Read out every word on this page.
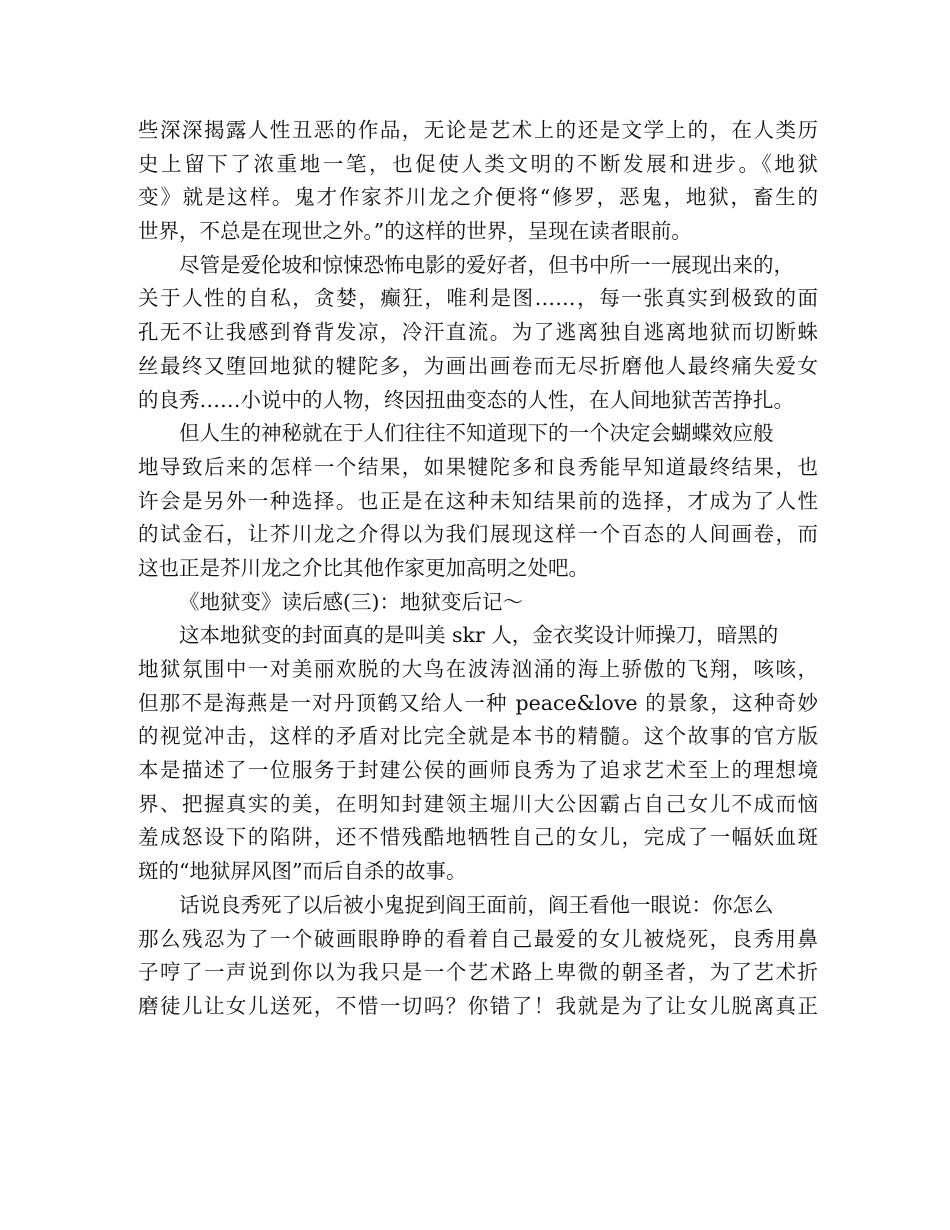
些深深揭露人性丑恶的作品，无论是艺术上的还是文学上的，在人类历
史上留下了浓重地一笔，也促使人类文明的不断发展和进步。《地狱
变》就是这样。鬼才作家芥川龙之介便将“修罗，恶鬼，地狱，畜生的
世界，不总是在现世之外。”的这样的世界，呈现在读者眼前。
尽管是爱伦坡和惊悚恐怖电影的爱好者，但书中所一一展现出来的，
关于人性的自私，贪婪，癫狂，唯利是图……，每一张真实到极致的面
孔无不让我感到脊背发凉，冷汗直流。为了逃离独自逃离地狱而切断蛛
丝最终又堕回地狱的犍陀多，为画出画卷而无尽折磨他人最终痛失爱女
的良秀……小说中的人物，终因扭曲变态的人性，在人间地狱苦苦挣扎。
但人生的神秘就在于人们往往不知道现下的一个决定会蝴蝶效应般
地导致后来的怎样一个结果，如果犍陀多和良秀能早知道最终结果，也
许会是另外一种选择。也正是在这种未知结果前的选择，才成为了人性
的试金石，让芥川龙之介得以为我们展现这样一个百态的人间画卷，而
这也正是芥川龙之介比其他作家更加高明之处吧。
《地狱变》读后感(三)：地狱变后记～
这本地狱变的封面真的是叫美 skr 人，金衣奖设计师操刀，暗黑的
地狱氛围中一对美丽欢脱的大鸟在波涛汹涌的海上骄傲的飞翔，咳咳，
但那不是海燕是一对丹顶鹤又给人一种 peace&love 的景象，这种奇妙
的视觉冲击，这样的矛盾对比完全就是本书的精髓。这个故事的官方版
本是描述了一位服务于封建公侯的画师良秀为了追求艺术至上的理想境
界、把握真实的美，在明知封建领主堀川大公因霸占自己女儿不成而恼
羞成怒设下的陷阱，还不惜残酷地牺牲自己的女儿，完成了一幅妖血斑
斑的“地狱屏风图”而后自杀的故事。
话说良秀死了以后被小鬼捉到阎王面前，阎王看他一眼说：你怎么
那么残忍为了一个破画眼睁睁的看着自己最爱的女儿被烧死，良秀用鼻
子哼了一声说到你以为我只是一个艺术路上卑微的朝圣者，为了艺术折
磨徒儿让女儿送死，不惜一切吗？你错了！我就是为了让女儿脱离真正
